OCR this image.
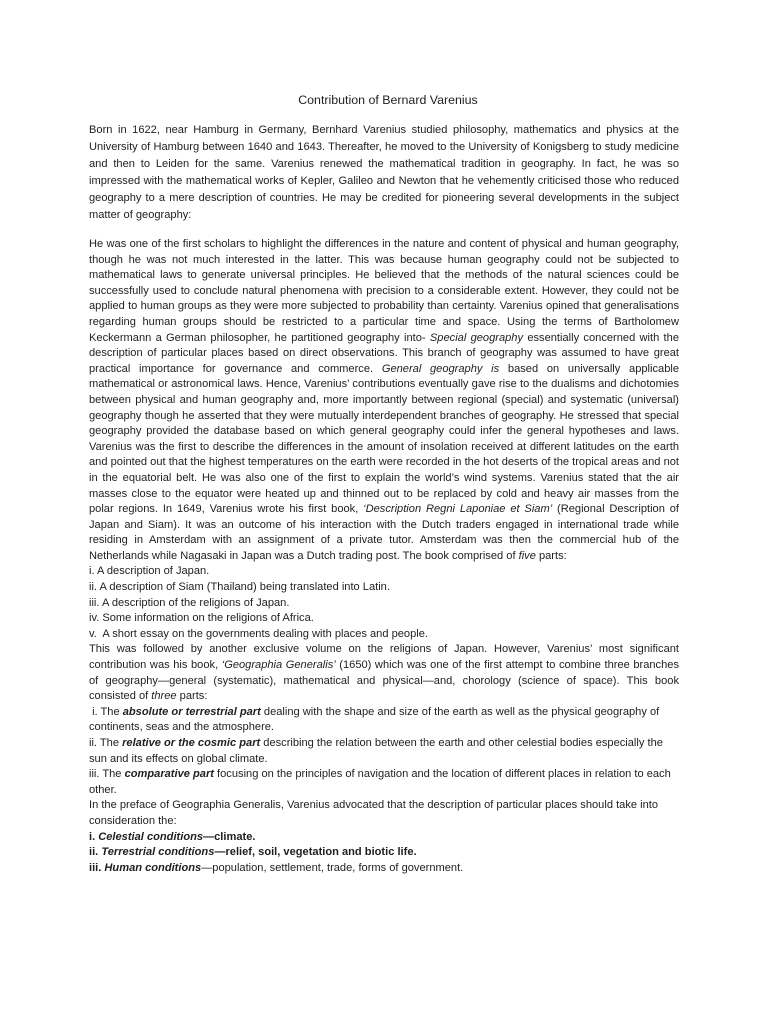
Contribution of Bernard Varenius

Born in 1622, near Hamburg in Germany, Bernhard Varenius studied philosophy, mathematics and physics at the University of Hamburg between 1640 and 1643. Thereafter, he moved to the University of Konigsberg to study medicine and then to Leiden for the same. Varenius renewed the mathematical tradition in geography. In fact, he was so impressed with the mathematical works of Kepler, Galileo and Newton that he vehemently criticised those who reduced geography to a mere description of countries. He may be credited for pioneering several developments in the subject matter of geography:

He was one of the first scholars to highlight the differences in the nature and content of physical and human geography, though he was not much interested in the latter. This was because human geography could not be subjected to mathematical laws to generate universal principles. He believed that the methods of the natural sciences could be successfully used to conclude natural phenomena with precision to a considerable extent. However, they could not be applied to human groups as they were more subjected to probability than certainty. Varenius opined that generalisations regarding human groups should be restricted to a particular time and space. Using the terms of Bartholomew Keckermann a German philosopher, he partitioned geography into- Special geography essentially concerned with the description of particular places based on direct observations. This branch of geography was assumed to have great practical importance for governance and commerce. General geography is based on universally applicable mathematical or astronomical laws. Hence, Varenius’ contributions eventually gave rise to the dualisms and dichotomies between physical and human geography and, more importantly between regional (special) and systematic (universal) geography though he asserted that they were mutually interdependent branches of geography. He stressed that special geography provided the database based on which general geography could infer the general hypotheses and laws. Varenius was the first to describe the differences in the amount of insolation received at different latitudes on the earth and pointed out that the highest temperatures on the earth were recorded in the hot deserts of the tropical areas and not in the equatorial belt. He was also one of the first to explain the world’s wind systems. Varenius stated that the air masses close to the equator were heated up and thinned out to be replaced by cold and heavy air masses from the polar regions. In 1649, Varenius wrote his first book, ‘Description Regni Laponiae et Siam’ (Regional Description of Japan and Siam). It was an outcome of his interaction with the Dutch traders engaged in international trade while residing in Amsterdam with an assignment of a private tutor. Amsterdam was then the commercial hub of the Netherlands while Nagasaki in Japan was a Dutch trading post. The book comprised of five parts:

i. A description of Japan.
ii. A description of Siam (Thailand) being translated into Latin.
iii. A description of the religions of Japan.
iv. Some information on the religions of Africa.
v.  A short essay on the governments dealing with places and people.

This was followed by another exclusive volume on the religions of Japan. However, Varenius’ most significant contribution was his book, ‘Geographia Generalis’ (1650) which was one of the first attempt to combine three branches of geography—general (systematic), mathematical and physical—and, chorology (science of space). This book consisted of three parts:

i. The absolute or terrestrial part dealing with the shape and size of the earth as well as the physical geography of continents, seas and the atmosphere.
ii. The relative or the cosmic part describing the relation between the earth and other celestial bodies especially the sun and its effects on global climate.
iii. The comparative part focusing on the principles of navigation and the location of different places in relation to each other.

In the preface of Geographia Generalis, Varenius advocated that the description of particular places should take into consideration the:

i. Celestial conditions—climate.
ii. Terrestrial conditions—relief, soil, vegetation and biotic life.
iii. Human conditions—population, settlement, trade, forms of government.
